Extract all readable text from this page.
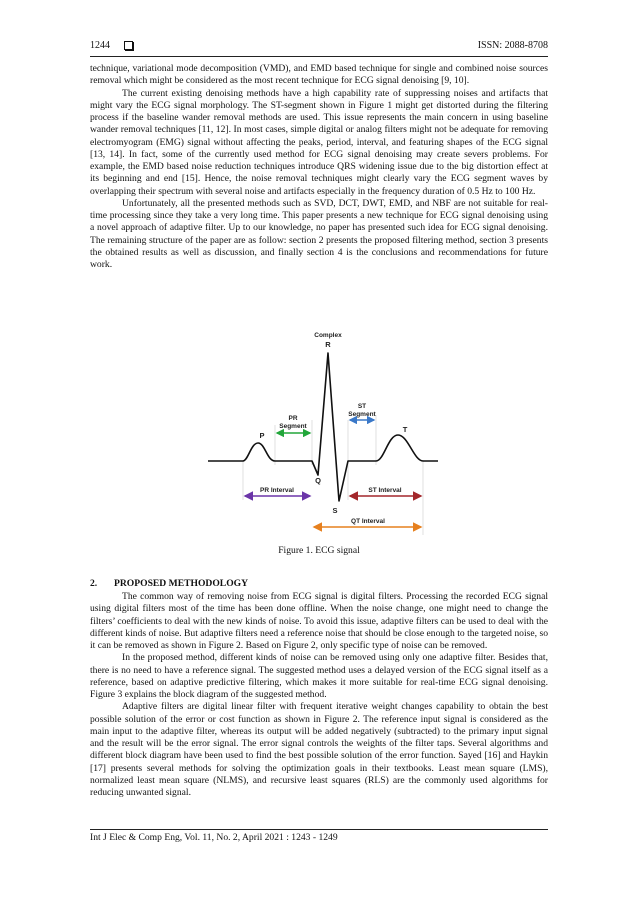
1244	ISSN: 2088-8708

technique, variational mode decomposition (VMD), and EMD based technique for single and combined noise sources removal which might be considered as the most recent technique for ECG signal denoising [9, 10].

The current existing denoising methods have a high capability rate of suppressing noises and artifacts that might vary the ECG signal morphology. The ST-segment shown in Figure 1 might get distorted during the filtering process if the baseline wander removal methods are used. This issue represents the main concern in using baseline wander removal techniques [11, 12]. In most cases, simple digital or analog filters might not be adequate for removing electromyogram (EMG) signal without affecting the peaks, period, interval, and featuring shapes of the ECG signal [13, 14]. In fact, some of the currently used method for ECG signal denoising may create severs problems. For example, the EMD based noise reduction techniques introduce QRS widening issue due to the big distortion effect at its beginning and end [15]. Hence, the noise removal techniques might clearly vary the ECG segment waves by overlapping their spectrum with several noise and artifacts especially in the frequency duration of 0.5 Hz to 100 Hz.

Unfortunately, all the presented methods such as SVD, DCT, DWT, EMD, and NBF are not suitable for real-time processing since they take a very long time. This paper presents a new technique for ECG signal denoising using a novel approach of adaptive filter. Up to our knowledge, no paper has presented such idea for ECG signal denoising. The remaining structure of the paper are as follow: section 2 presents the proposed filtering method, section 3 presents the obtained results as well as discussion, and finally section 4 is the conclusions and recommendations for future work.

Complex
R
P
Q
S
T
PR
Segment
ST
Segment
PR Interval	ST Interval
QT Interval
Figure 1. ECG signal
2. PROPOSED METHODOLOGY

The common way of removing noise from ECG signal is digital filters. Processing the recorded ECG signal using digital filters most of the time has been done offline. When the noise change, one might need to change the filters’ coefficients to deal with the new kinds of noise. To avoid this issue, adaptive filters can be used to deal with the different kinds of noise. But adaptive filters need a reference noise that should be close enough to the targeted noise, so it can be removed as shown in Figure 2. Based on Figure 2, only specific type of noise can be removed.

In the proposed method, different kinds of noise can be removed using only one adaptive filter. Besides that, there is no need to have a reference signal. The suggested method uses a delayed version of the ECG signal itself as a reference, based on adaptive predictive filtering, which makes it more suitable for real-time ECG signal denoising. Figure 3 explains the block diagram of the suggested method.

Adaptive filters are digital linear filter with frequent iterative weight changes capability to obtain the best possible solution of the error or cost function as shown in Figure 2. The reference input signal is considered as the main input to the adaptive filter, whereas its output will be added negatively (subtracted) to the primary input signal and the result will be the error signal. The error signal controls the weights of the filter taps. Several algorithms and different block diagram have been used to find the best possible solution of the error function. Sayed [16] and Haykin [17] presents several methods for solving the optimization goals in their textbooks. Least mean square (LMS), normalized least mean square (NLMS), and recursive least squares (RLS) are the commonly used algorithms for reducing unwanted signal.

Int J Elec & Comp Eng, Vol. 11, No. 2, April 2021 : 1243 - 1249
